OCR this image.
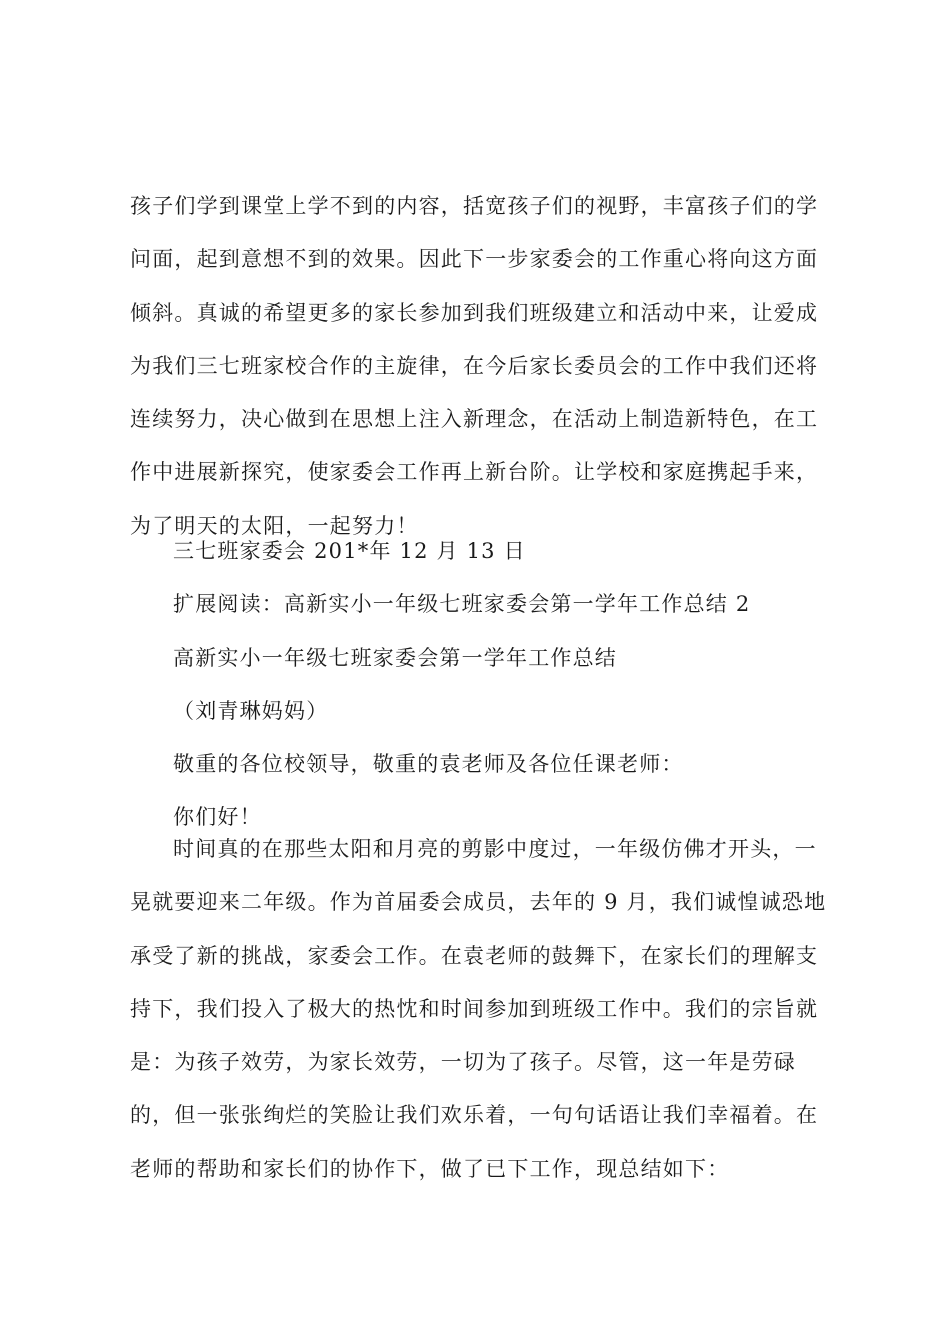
孩子们学到课堂上学不到的内容，括宽孩子们的视野，丰富孩子们的学
问面，起到意想不到的效果。因此下一步家委会的工作重心将向这方面
倾斜。真诚的希望更多的家长参加到我们班级建立和活动中来，让爱成
为我们三七班家校合作的主旋律，在今后家长委员会的工作中我们还将
连续努力，决心做到在思想上注入新理念，在活动上制造新特色，在工
作中进展新探究，使家委会工作再上新台阶。让学校和家庭携起手来，
为了明天的太阳，一起努力！
三七班家委会 201*年 12 月 13 日
扩展阅读：高新实小一年级七班家委会第一学年工作总结 2
高新实小一年级七班家委会第一学年工作总结
（刘青琳妈妈）
敬重的各位校领导，敬重的袁老师及各位任课老师：
你们好！
时间真的在那些太阳和月亮的剪影中度过，一年级仿佛才开头，一
晃就要迎来二年级。作为首届委会成员，去年的 9 月，我们诚惶诚恐地
承受了新的挑战，家委会工作。在袁老师的鼓舞下，在家长们的理解支
持下，我们投入了极大的热忱和时间参加到班级工作中。我们的宗旨就
是：为孩子效劳，为家长效劳，一切为了孩子。尽管，这一年是劳碌
的，但一张张绚烂的笑脸让我们欢乐着，一句句话语让我们幸福着。在
老师的帮助和家长们的协作下，做了已下工作，现总结如下：
